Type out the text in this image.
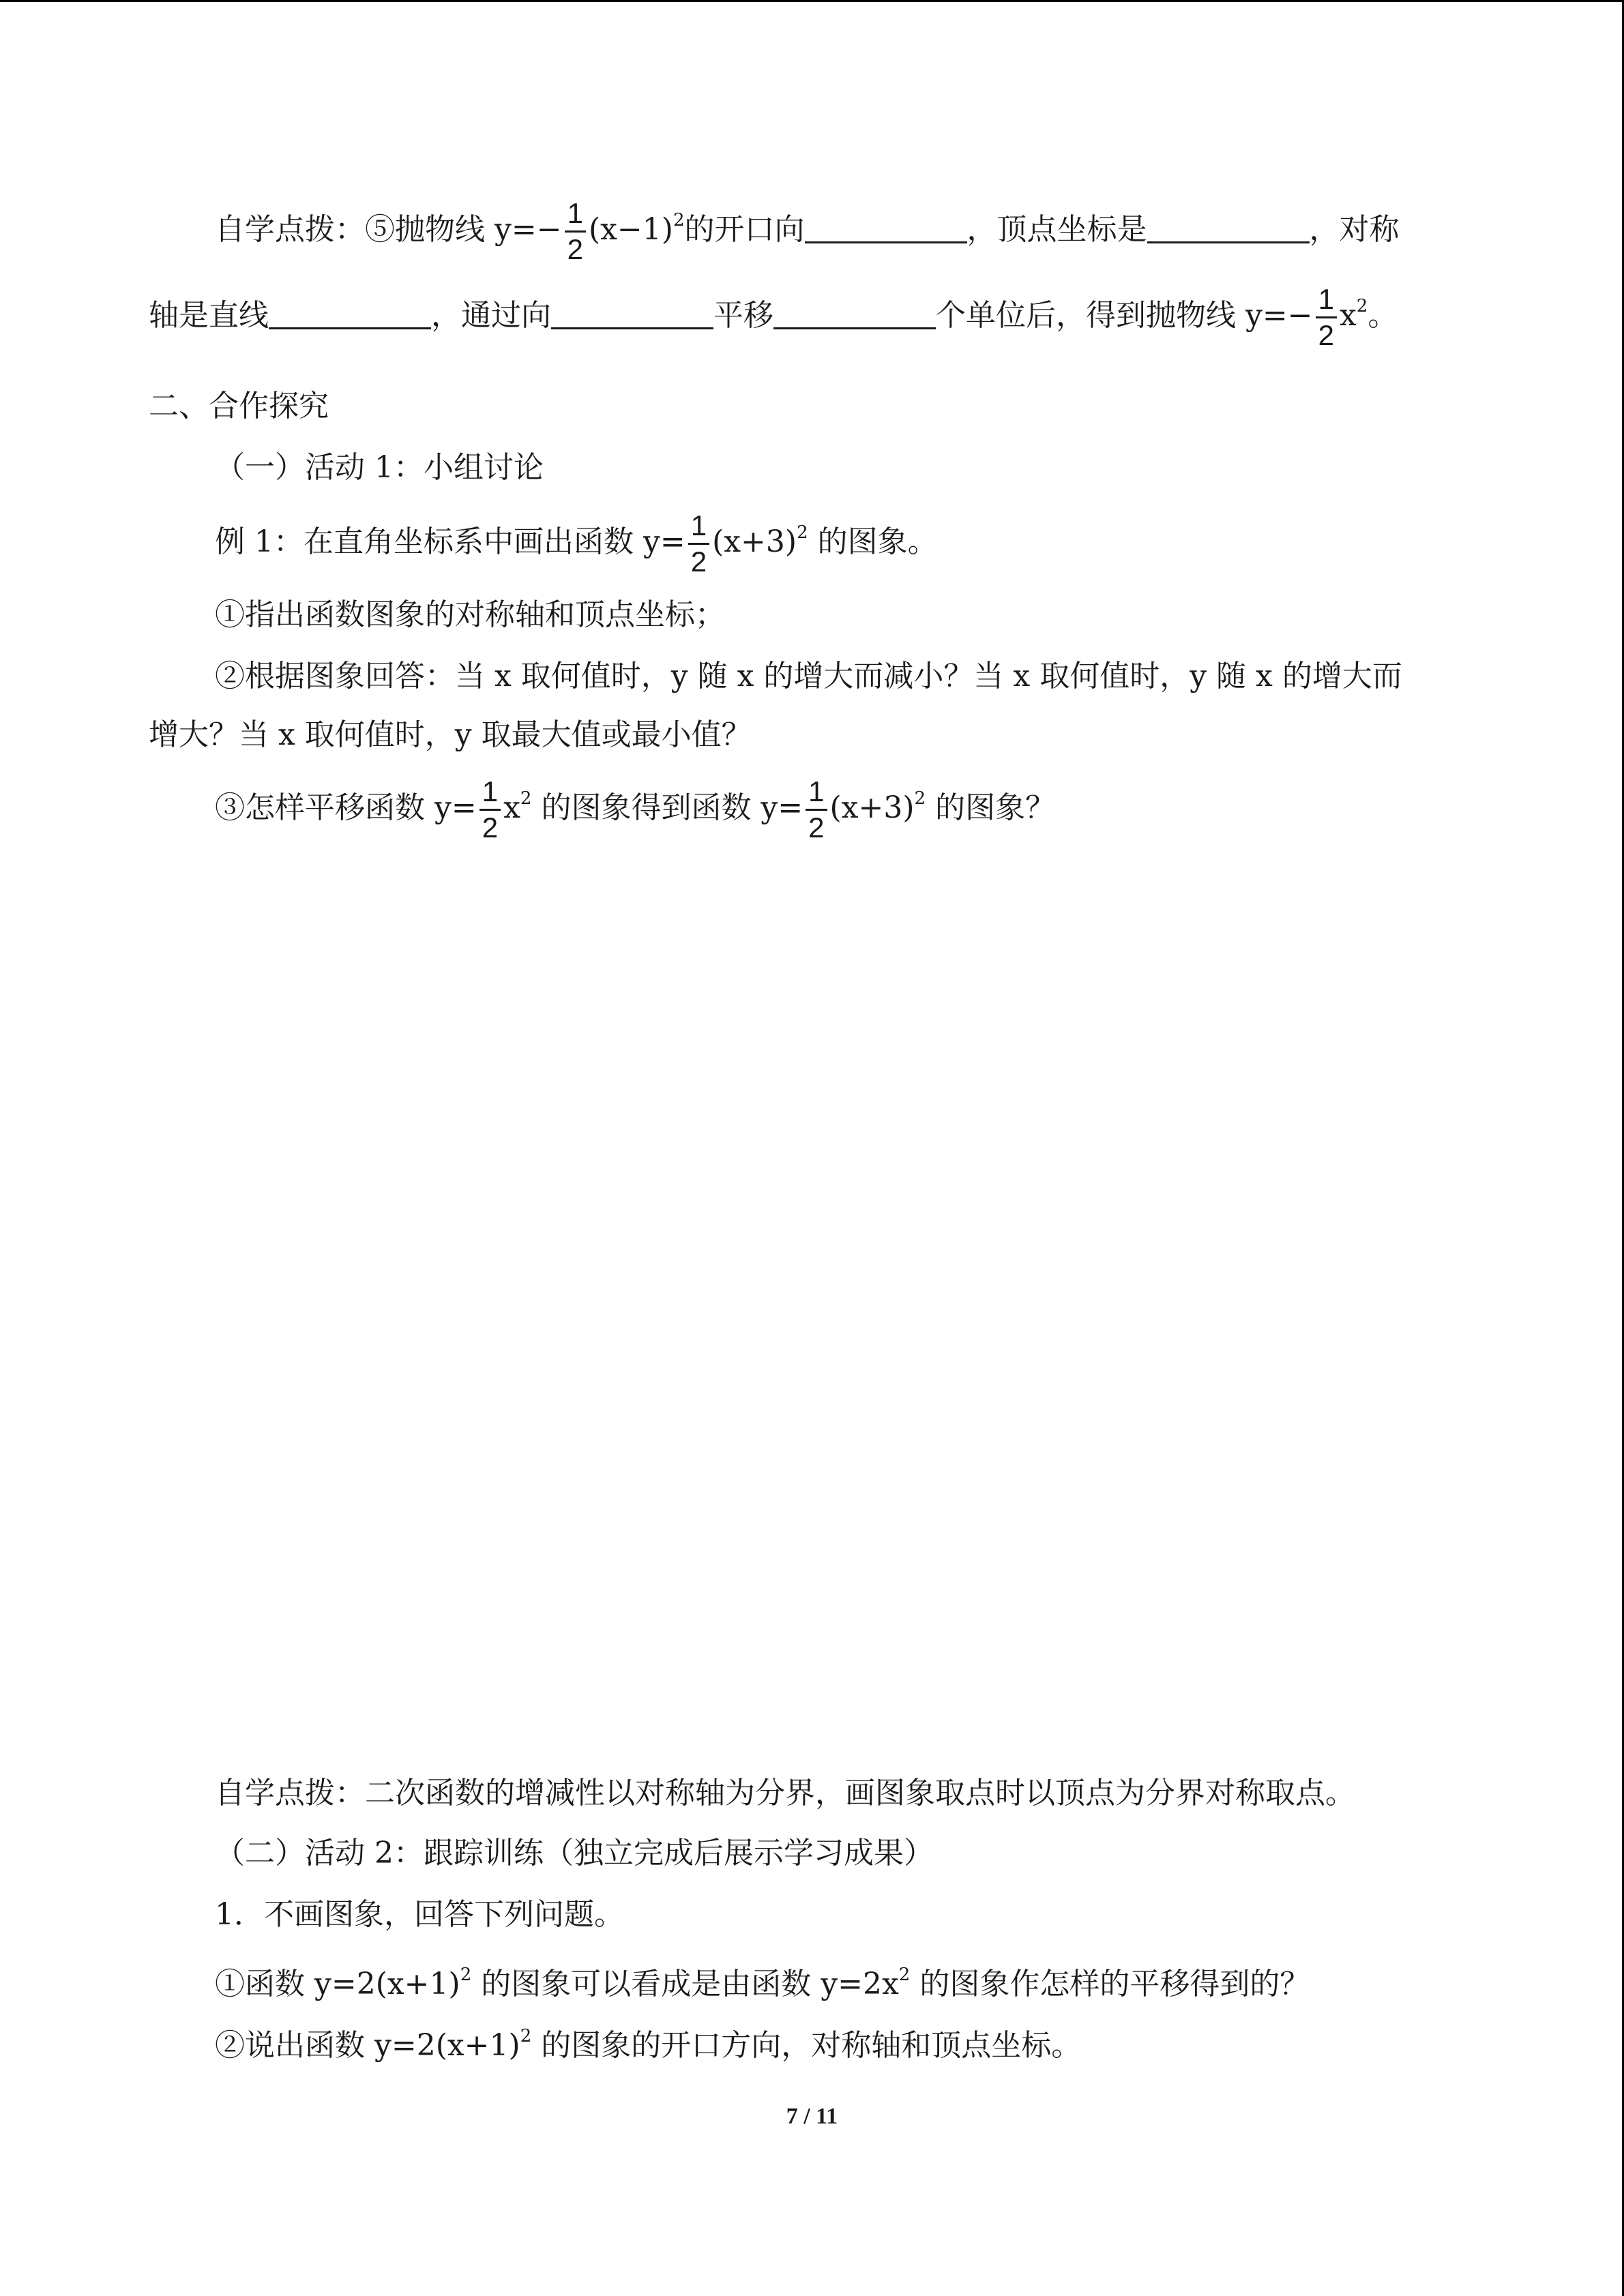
自学点拨：⑤抛物线 $y=- \frac{1}{2} (x-1)^2$的开口向	，顶点坐标是	，对称
轴是直线	，通过向	平移	个单位后，得到抛物线 $y=- \frac{1}{2} x^2$。
二、合作探究
（一）活动 1：小组讨论
例 1：在直角坐标系中画出函数 $y= \frac{1}{2} (x+3)^2$ 的图象。
①指出函数图象的对称轴和顶点坐标；
②根据图象回答：当 x 取何值时，y 随 x 的增大而减小？当 x 取何值时，y 随 x 的增大而
增大？当 x 取何值时，y 取最大值或最小值？
③怎样平移函数 $y= \frac{1}{2} x^2$ 的图象得到函数 $y= \frac{1}{2} (x+3)^2$ 的图象？
自学点拨：二次函数的增减性以对称轴为分界，画图象取点时以顶点为分界对称取点。
（二）活动 2：跟踪训练（独立完成后展示学习成果）
1．不画图象，回答下列问题。
①函数 $y=2(x+1)^2$ 的图象可以看成是由函数 $y=2x^2$ 的图象作怎样的平移得到的？
②说出函数 $y=2(x+1)^2$ 的图象的开口方向，对称轴和顶点坐标。
7 / 11
